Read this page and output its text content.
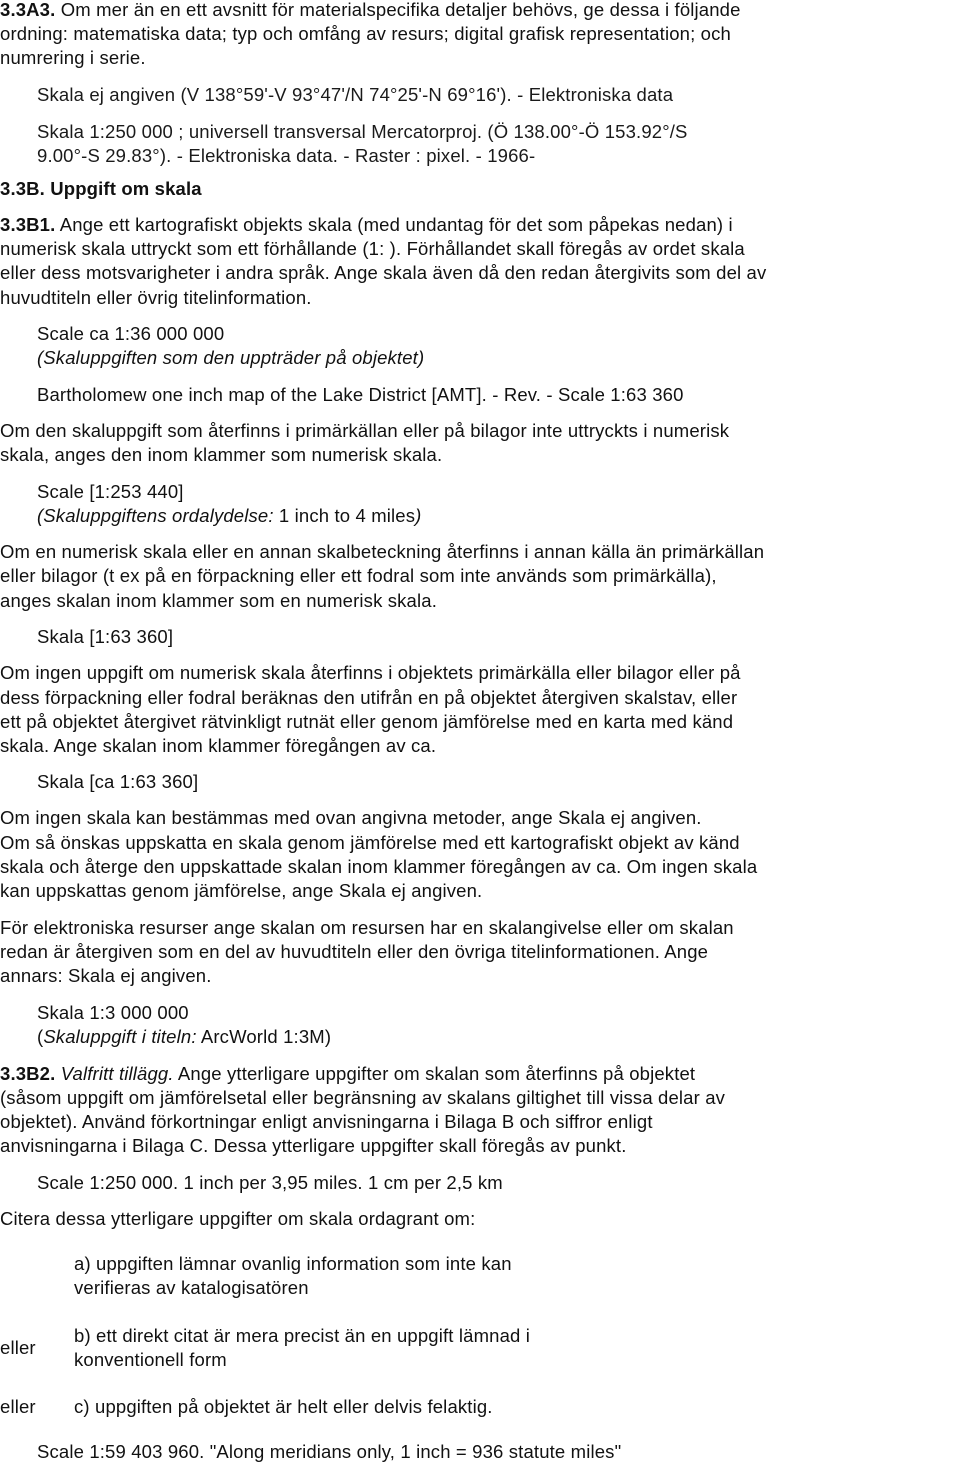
3.3A3. Om mer än en ett avsnitt för materialspecifika detaljer behövs, ge dessa i följande
ordning: matematiska data; typ och omfång av resurs; digital grafisk representation; och
numrering i serie.
Skala ej angiven (V 138°59'-V 93°47'/N 74°25'-N 69°16'). - Elektroniska data
Skala 1:250 000 ; universell transversal Mercatorproj. (Ö 138.00°-Ö 153.92°/S
9.00°-S 29.83°). - Elektroniska data. - Raster : pixel. - 1966-
3.3B. Uppgift om skala
3.3B1. Ange ett kartografiskt objekts skala (med undantag för det som påpekas nedan) i
numerisk skala uttryckt som ett förhållande (1: ). Förhållandet skall föregås av ordet skala
eller dess motsvarigheter i andra språk. Ange skala även då den redan återgivits som del av
huvudtiteln eller övrig titelinformation.
Scale ca 1:36 000 000
(Skaluppgiften som den uppträder på objektet)
Bartholomew one inch map of the Lake District [AMT]. - Rev. - Scale 1:63 360
Om den skaluppgift som återfinns i primärkällan eller på bilagor inte uttryckts i numerisk
skala, anges den inom klammer som numerisk skala.
Scale [1:253 440]
(Skaluppgiftens ordalydelse: 1 inch to 4 miles)
Om en numerisk skala eller en annan skalbeteckning återfinns i annan källa än primärkällan
eller bilagor (t ex på en förpackning eller ett fodral som inte används som primärkälla),
anges skalan inom klammer som en numerisk skala.
Skala [1:63 360]
Om ingen uppgift om numerisk skala återfinns i objektets primärkälla eller bilagor eller på
dess förpackning eller fodral beräknas den utifrån en på objektet återgiven skalstav, eller
ett på objektet återgivet rätvinkligt rutnät eller genom jämförelse med en karta med känd
skala. Ange skalan inom klammer föregången av ca.
Skala [ca 1:63 360]
Om ingen skala kan bestämmas med ovan angivna metoder, ange Skala ej angiven.
Om så önskas uppskatta en skala genom jämförelse med ett kartografiskt objekt av känd
skala och återge den uppskattade skalan inom klammer föregången av ca. Om ingen skala
kan uppskattas genom jämförelse, ange Skala ej angiven.
För elektroniska resurser ange skalan om resursen har en skalangivelse eller om skalan
redan är återgiven som en del av huvudtiteln eller den övriga titelinformationen. Ange
annars: Skala ej angiven.
Skala 1:3 000 000
(Skaluppgift i titeln: ArcWorld 1:3M)
3.3B2. Valfritt tillägg. Ange ytterligare uppgifter om skalan som återfinns på objektet
(såsom uppgift om jämförelsetal eller begränsning av skalans giltighet till vissa delar av
objektet). Använd förkortningar enligt anvisningarna i Bilaga B och siffror enligt
anvisningarna i Bilaga C. Dessa ytterligare uppgifter skall föregås av punkt.
Scale 1:250 000. 1 inch per 3,95 miles. 1 cm per 2,5 km
Citera dessa ytterligare uppgifter om skala ordagrant om:
a) uppgiften lämnar ovanlig information som inte kan
verifieras av katalogisatören
eller
b) ett direkt citat är mera precist än en uppgift lämnad i
konventionell form
eller c) uppgiften på objektet är helt eller delvis felaktig.
Scale 1:59 403 960. "Along meridians only, 1 inch = 936 statute miles"
